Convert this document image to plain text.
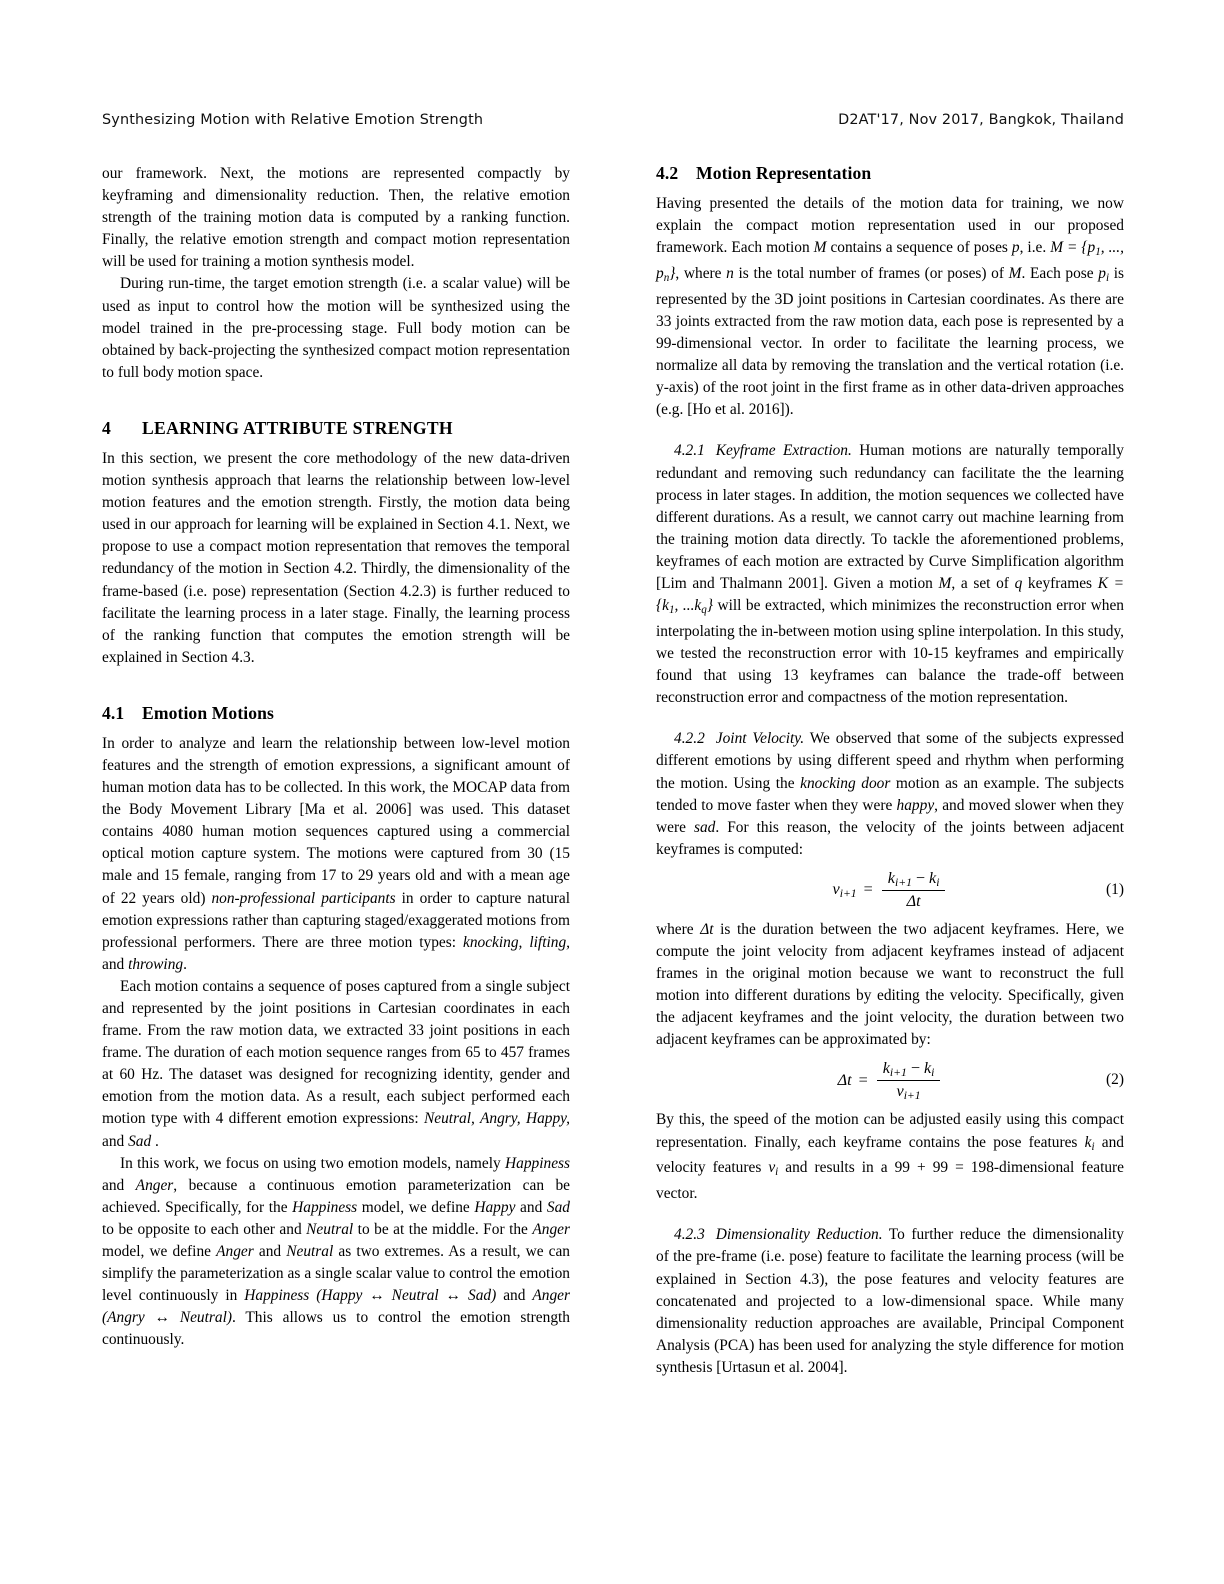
Synthesizing Motion with Relative Emotion Strength	D2AT'17, Nov 2017, Bangkok, Thailand

our framework. Next, the motions are represented compactly by keyframing and dimensionality reduction. Then, the relative emotion strength of the training motion data is computed by a ranking function. Finally, the relative emotion strength and compact motion representation will be used for training a motion synthesis model.

During run-time, the target emotion strength (i.e. a scalar value) will be used as input to control how the motion will be synthesized using the model trained in the pre-processing stage. Full body motion can be obtained by back-projecting the synthesized compact motion representation to full body motion space.

4 LEARNING ATTRIBUTE STRENGTH

In this section, we present the core methodology of the new data-driven motion synthesis approach that learns the relationship between low-level motion features and the emotion strength. Firstly, the motion data being used in our approach for learning will be explained in Section 4.1. Next, we propose to use a compact motion representation that removes the temporal redundancy of the motion in Section 4.2. Thirdly, the dimensionality of the frame-based (i.e. pose) representation (Section 4.2.3) is further reduced to facilitate the learning process in a later stage. Finally, the learning process of the ranking function that computes the emotion strength will be explained in Section 4.3.

4.1 Emotion Motions

In order to analyze and learn the relationship between low-level motion features and the strength of emotion expressions, a significant amount of human motion data has to be collected. In this work, the MOCAP data from the Body Movement Library [Ma et al. 2006] was used. This dataset contains 4080 human motion sequences captured using a commercial optical motion capture system. The motions were captured from 30 (15 male and 15 female, ranging from 17 to 29 years old and with a mean age of 22 years old) non-professional participants in order to capture natural emotion expressions rather than capturing staged/exaggerated motions from professional performers. There are three motion types: knocking, lifting, and throwing.

Each motion contains a sequence of poses captured from a single subject and represented by the joint positions in Cartesian coordinates in each frame. From the raw motion data, we extracted 33 joint positions in each frame. The duration of each motion sequence ranges from 65 to 457 frames at 60 Hz. The dataset was designed for recognizing identity, gender and emotion from the motion data. As a result, each subject performed each motion type with 4 different emotion expressions: Neutral, Angry, Happy, and Sad .

In this work, we focus on using two emotion models, namely Happiness and Anger, because a continuous emotion parameterization can be achieved. Specifically, for the Happiness model, we define Happy and Sad to be opposite to each other and Neutral to be at the middle. For the Anger model, we define Anger and Neutral as two extremes. As a result, we can simplify the parameterization as a single scalar value to control the emotion level continuously in Happiness (Happy ↔ Neutral ↔ Sad) and Anger (Angry ↔ Neutral). This allows us to control the emotion strength continuously.

4.2 Motion Representation

Having presented the details of the motion data for training, we now explain the compact motion representation used in our proposed framework. Each motion M contains a sequence of poses p, i.e. $M = \{p_1$, ..., $p_n$}, where n is the total number of frames (or poses) of M. Each pose $p_i$ is represented by the 3D joint positions in Cartesian coordinates. As there are 33 joints extracted from the raw motion data, each pose is represented by a 99-dimensional vector. In order to facilitate the learning process, we normalize all data by removing the translation and the vertical rotation (i.e. y-axis) of the root joint in the first frame as in other data-driven approaches (e.g. [Ho et al. 2016]).

4.2.1 Keyframe Extraction. Human motions are naturally temporally redundant and removing such redundancy can facilitate the the learning process in later stages. In addition, the motion sequences we collected have different durations. As a result, we cannot carry out machine learning from the training motion data directly. To tackle the aforementioned problems, keyframes of each motion are extracted by Curve Simplification algorithm [Lim and Thalmann 2001]. Given a motion M, a set of q keyframes $K = \{k_1$, $...k_q$} will be extracted, which minimizes the reconstruction error when interpolating the in-between motion using spline interpolation. In this study, we tested the reconstruction error with 10-15 keyframes and empirically found that using 13 keyframes can balance the trade-off between reconstruction error and compactness of the motion representation.

4.2.2 Joint Velocity. We observed that some of the subjects expressed different emotions by using different speed and rhythm when performing the motion. Using the knocking door motion as an example. The subjects tended to move faster when they were happy, and moved slower when they were sad. For this reason, the velocity of the joints between adjacent keyframes is computed:

$v_{i+1} = \frac{k_{i+1} - k_i}{\Delta t}$	(1)

where Δt is the duration between the two adjacent keyframes. Here, we compute the joint velocity from adjacent keyframes instead of adjacent frames in the original motion because we want to reconstruct the full motion into different durations by editing the velocity. Specifically, given the adjacent keyframes and the joint velocity, the duration between two adjacent keyframes can be approximated by:

$\Delta t = \frac{k_{i+1} - k_i}{v_{i+1}}$	(2)

By this, the speed of the motion can be adjusted easily using this compact representation. Finally, each keyframe contains the pose features $k_i$ and velocity features $v_i$ and results in a 99 + 99 = 198-dimensional feature vector.

4.2.3 Dimensionality Reduction. To further reduce the dimensionality of the pre-frame (i.e. pose) feature to facilitate the learning process (will be explained in Section 4.3), the pose features and velocity features are concatenated and projected to a low-dimensional space. While many dimensionality reduction approaches are available, Principal Component Analysis (PCA) has been used for analyzing the style difference for motion synthesis [Urtasun et al. 2004].
